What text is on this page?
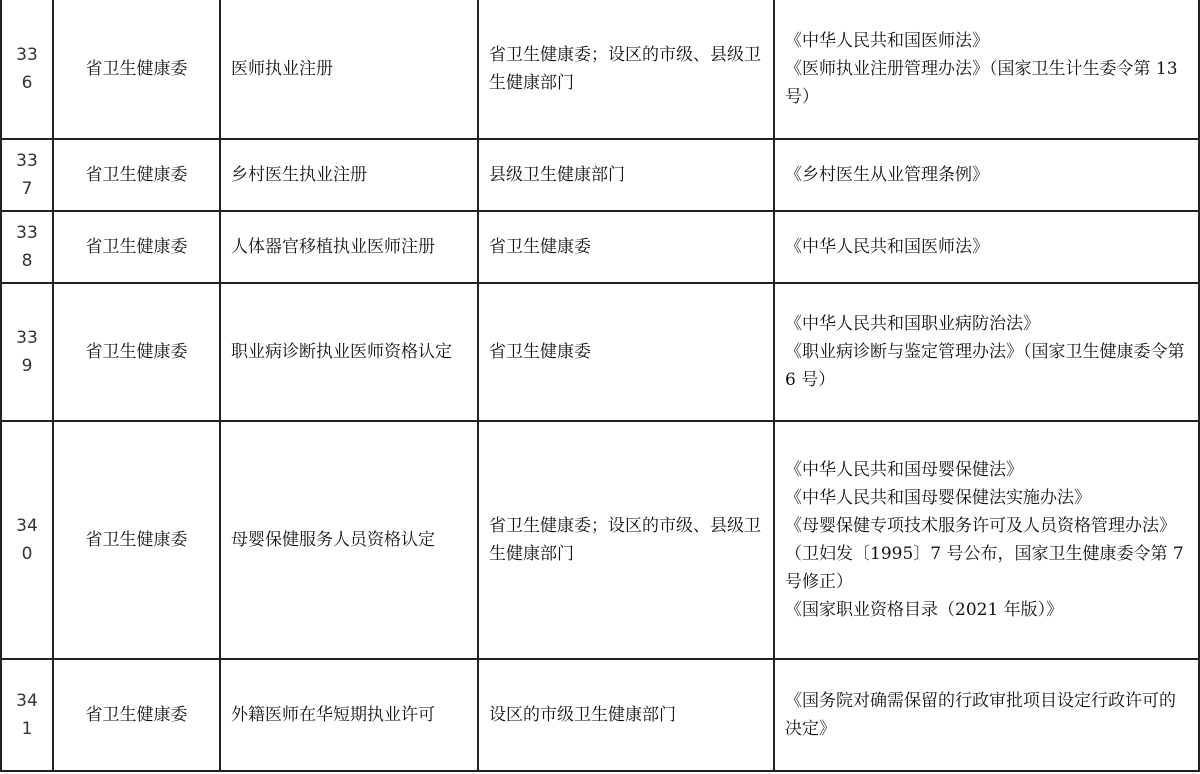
336	省卫生健康委	医师执业注册	省卫生健康委；设区的市级、县级卫生健康部门	《中华人民共和国医师法》
《医师执业注册管理办法》（国家卫生计生委令第 13 号）

337	省卫生健康委	乡村医生执业注册	县级卫生健康部门	《乡村医生从业管理条例》

338	省卫生健康委	人体器官移植执业医师注册	省卫生健康委	《中华人民共和国医师法》

339	省卫生健康委	职业病诊断执业医师资格认定	省卫生健康委	《中华人民共和国职业病防治法》
《职业病诊断与鉴定管理办法》（国家卫生健康委令第 6 号）

340	省卫生健康委	母婴保健服务人员资格认定	省卫生健康委；设区的市级、县级卫生健康部门	《中华人民共和国母婴保健法》
《中华人民共和国母婴保健法实施办法》
《母婴保健专项技术服务许可及人员资格管理办法》（卫妇发〔1995〕7 号公布，国家卫生健康委令第 7 号修正）
《国家职业资格目录（2021 年版）》

341	省卫生健康委	外籍医师在华短期执业许可	设区的市级卫生健康部门	《国务院对确需保留的行政审批项目设定行政许可的决定》
